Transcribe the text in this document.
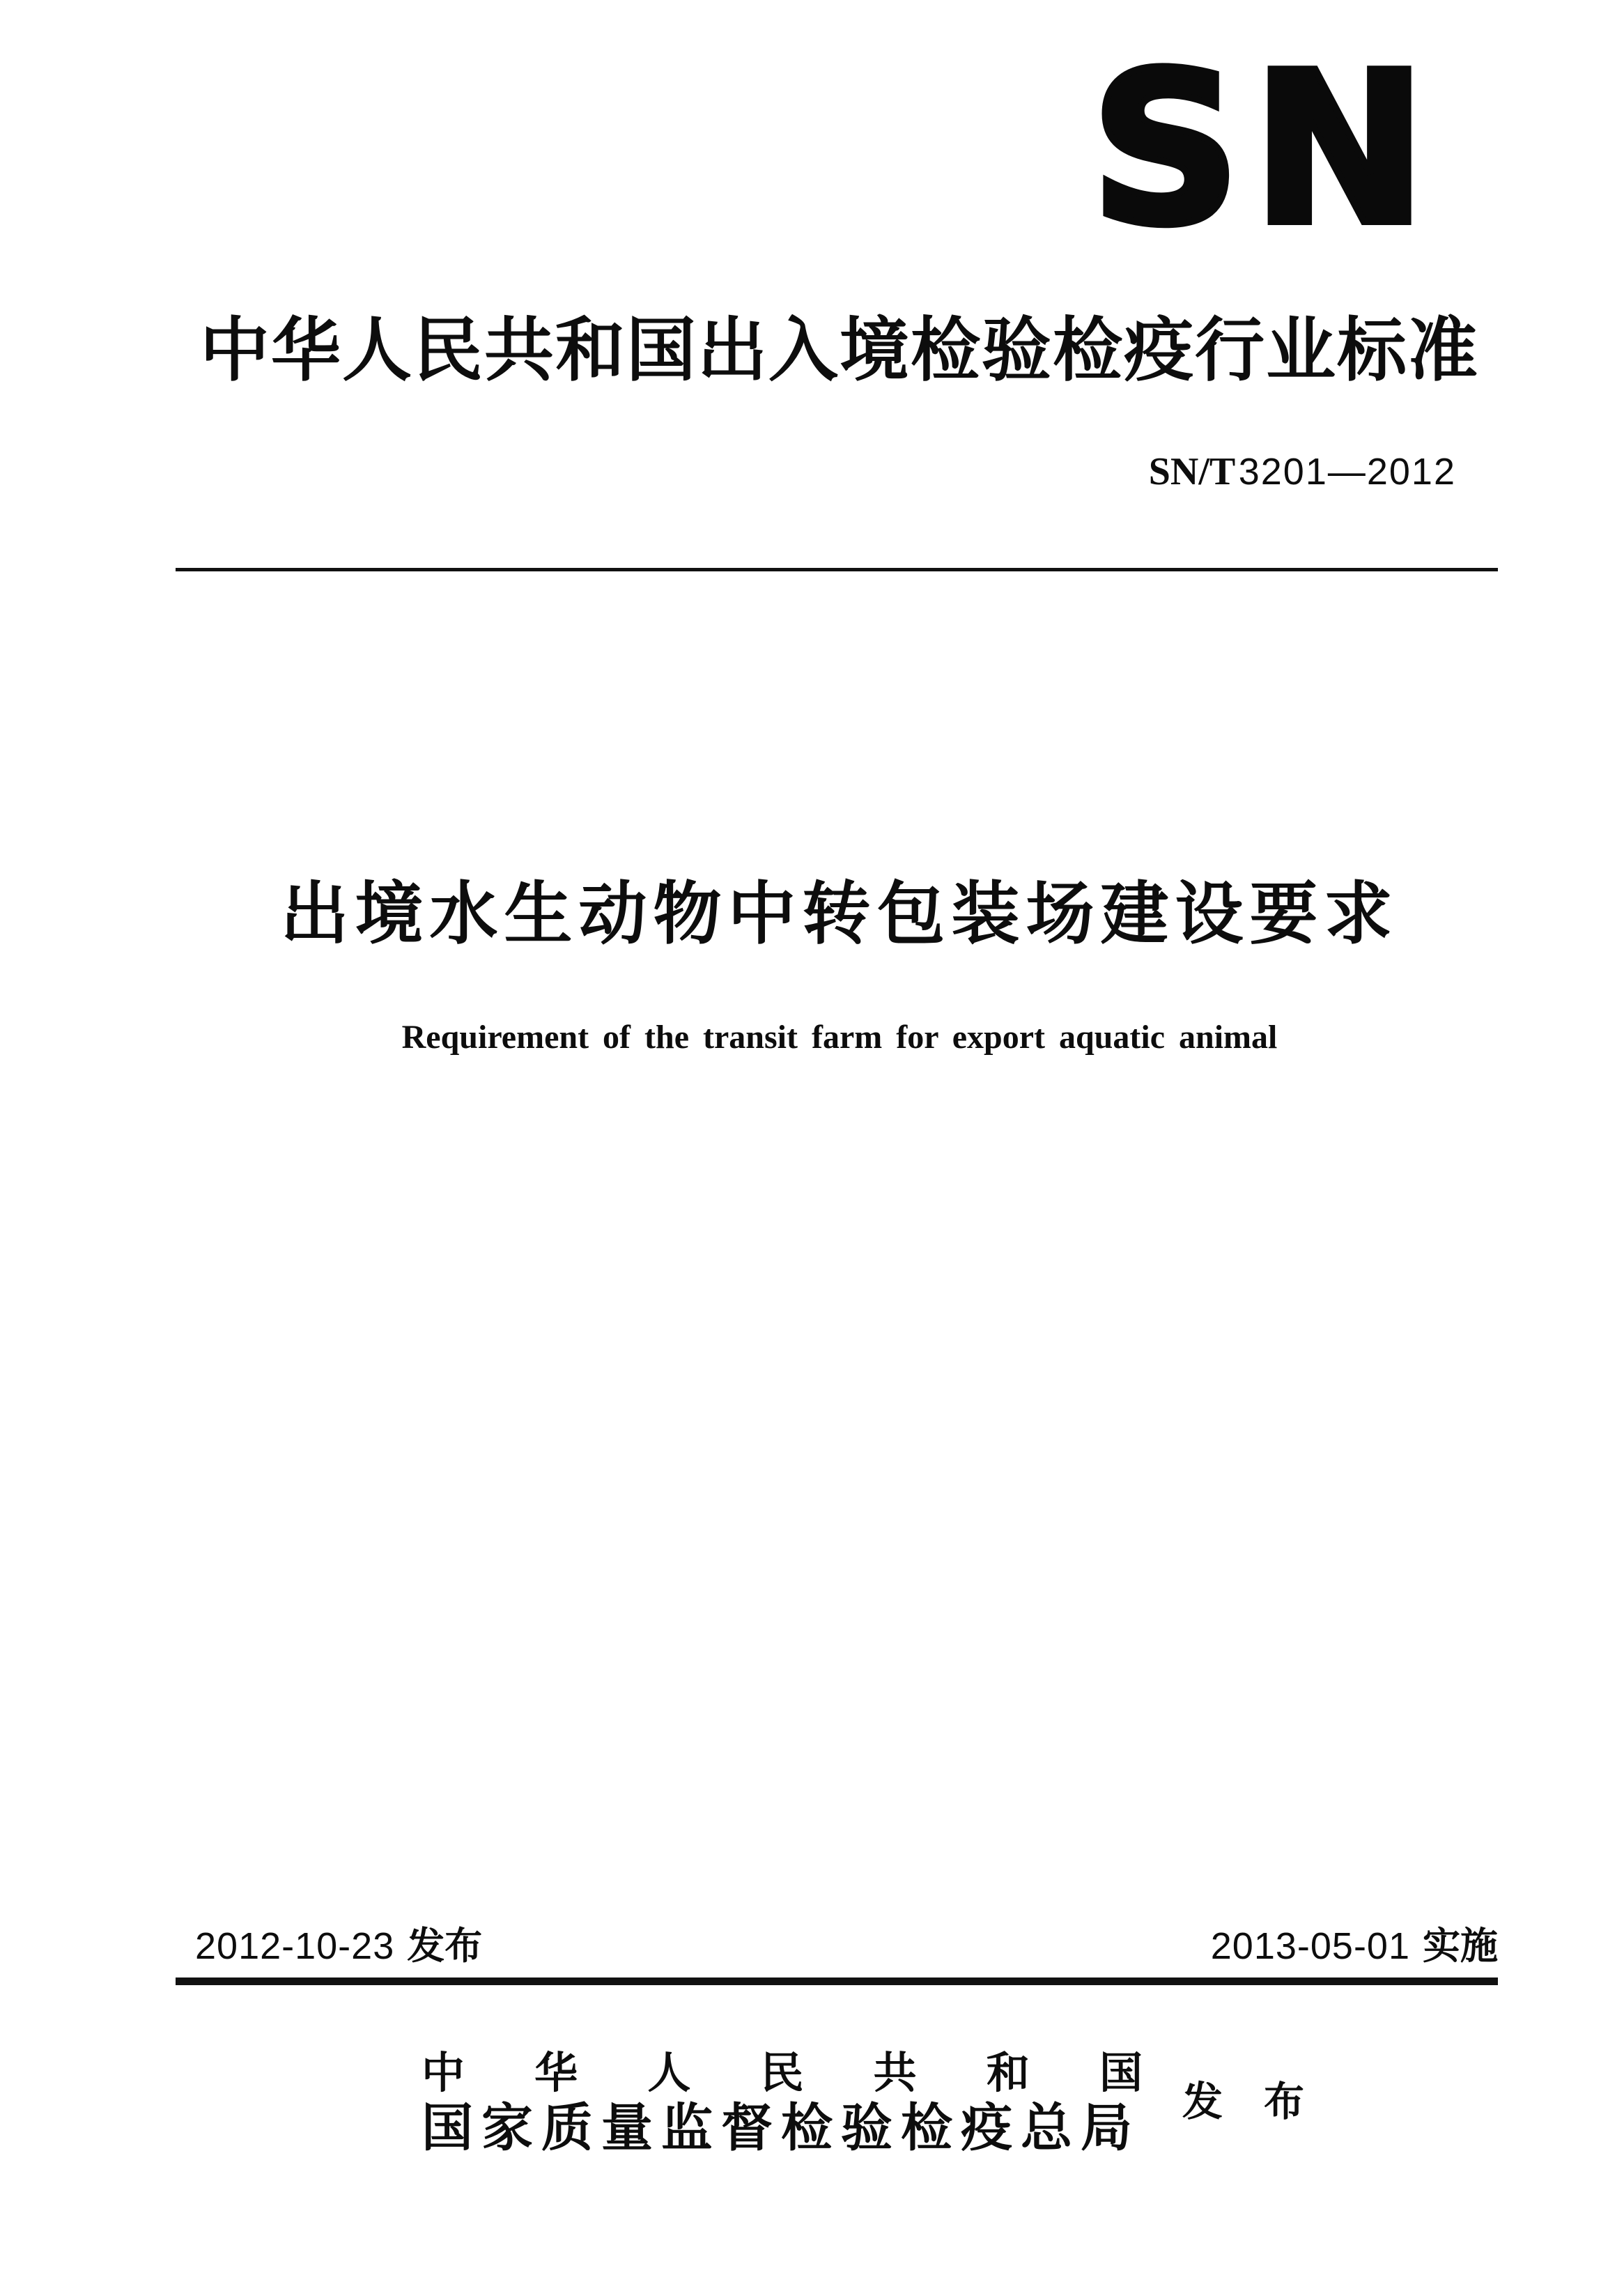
SN
中华人民共和国出入境检验检疫行业标准
SN/T 3201—2012
出境水生动物中转包装场建设要求
Requirement of the transit farm for export aquatic animal
2012-10-23 发布	2013-05-01 实施
中华人民共和国
国家质量监督检验检疫总局 发布
